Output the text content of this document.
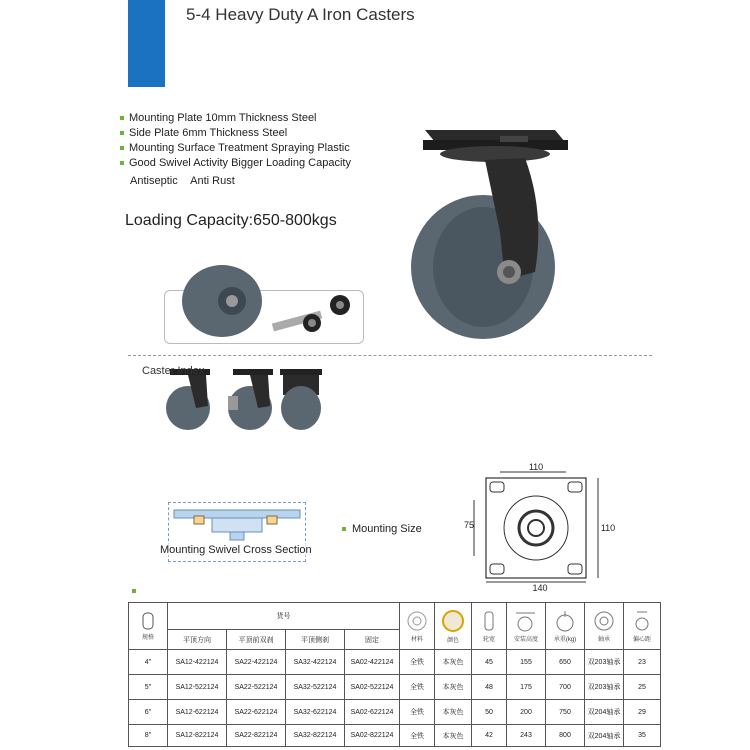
5-4 Heavy Duty A Iron Casters
Mounting Plate 10mm Thickness Steel
Side Plate 6mm Thickness Steel
Mounting Surface Treatment Spraying Plastic
Good Swivel Activity Bigger Loading Capacity
Antiseptic Anti Rust
Loading Capacity:650-800kgs
Caster Index
Mounting Swivel Cross Section
Mounting Size
110
75	110
140
规格	货号				材料	颜色	轮宽	安装高度	承重(kg)	轴承	偏心距

	平顶方向	平顶前双刹	平顶侧刹	固定							
4"	SA12-422124	SA22-422124	SA32-422124	SA02-422124	全铁	本灰色	45	155	650	双203轴承	23
5"	SA12-522124	SA22-522124	SA32-522124	SA02-522124	全铁	本灰色	48	175	700	双203轴承	25
6"	SA12-622124	SA22-622124	SA32-622124	SA02-622124	全铁	本灰色	50	200	750	双204轴承	29
8"	SA12-822124	SA22-822124	SA32-822124	SA02-822124	全铁	本灰色	42	243	800	双204轴承	35
